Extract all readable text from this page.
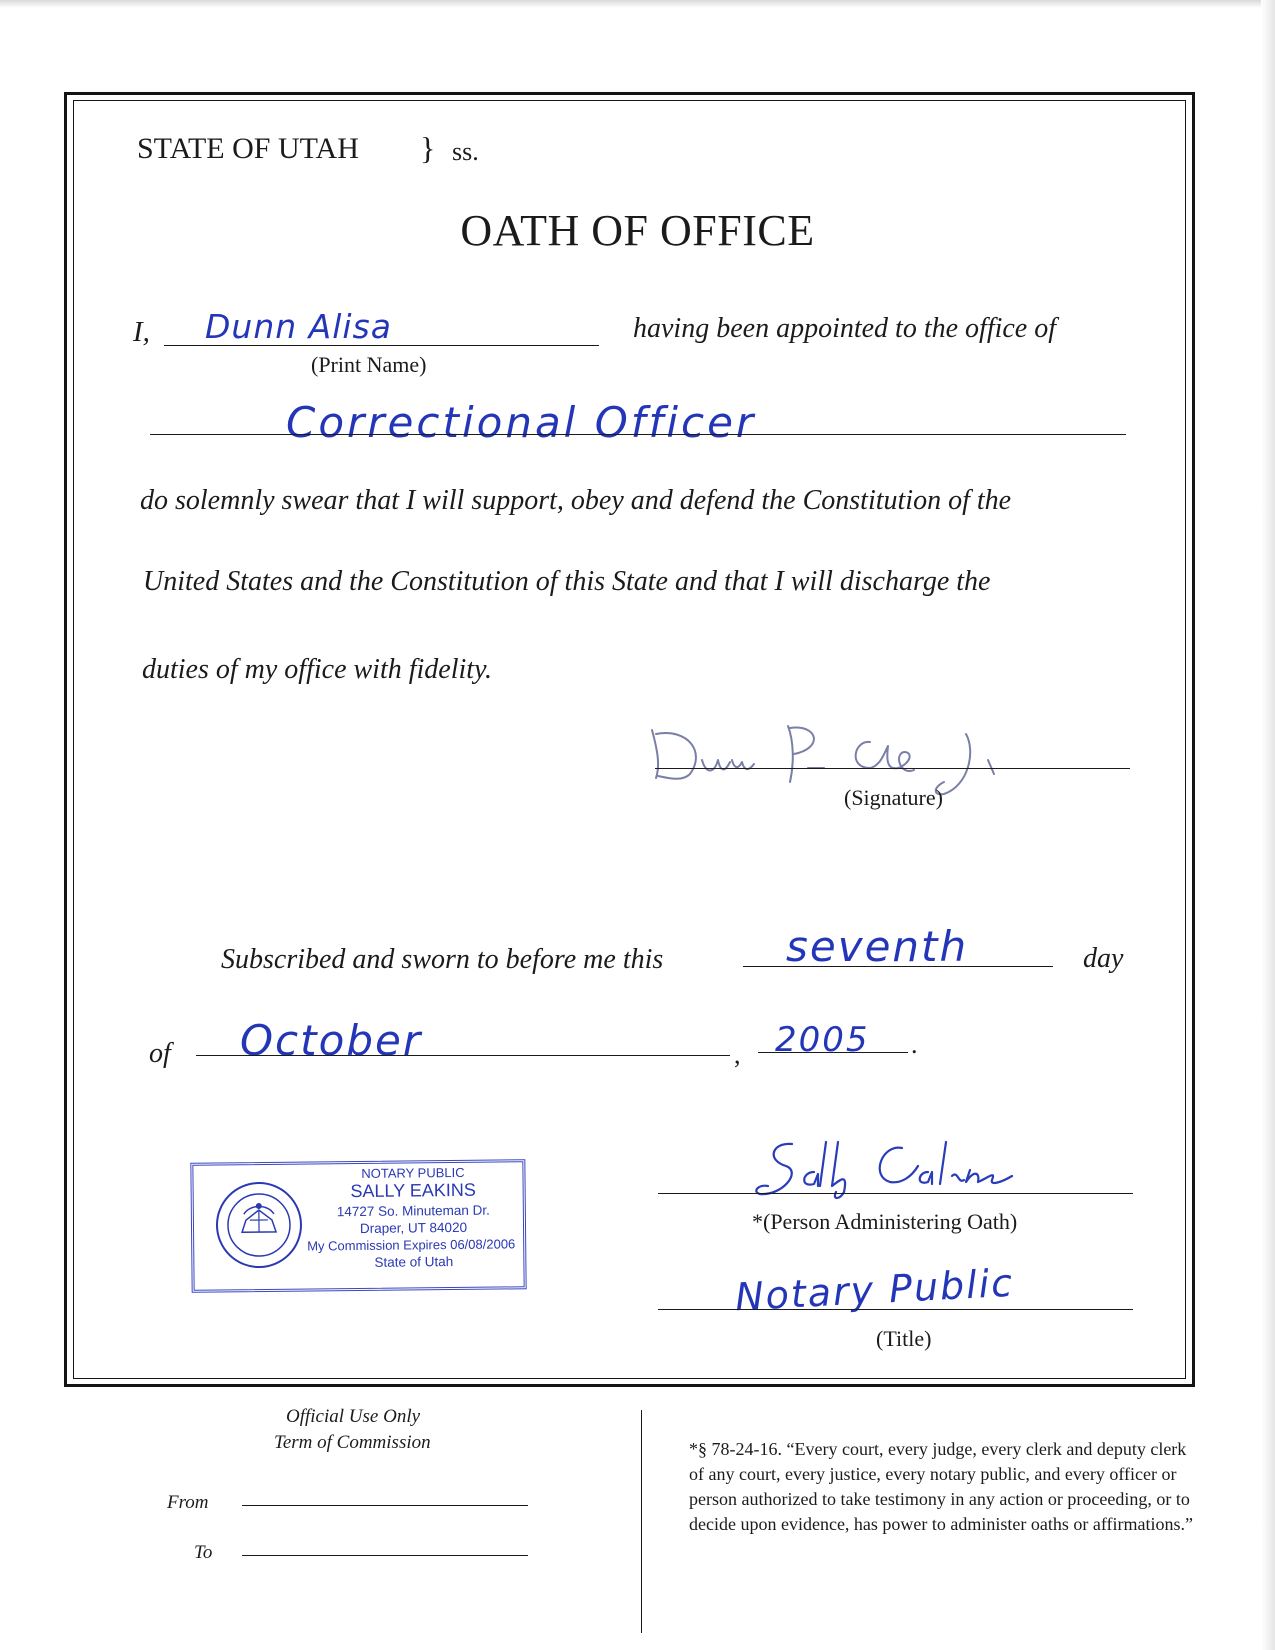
STATE OF UTAH } ss.
OATH OF OFFICE
I, Dunn Alisa
(Print Name)
having been appointed to the office of
Correctional Officer
do solemnly swear that I will support, obey and defend the Constitution of the
United States and the Constitution of this State and that I will discharge the
duties of my office with fidelity.
(Signature)
Subscribed and sworn to before me this	seventh	day
of October	, 2005 .
NOTARY PUBLIC
SALLY EAKINS
14727 So. Minuteman Dr.
Draper, UT 84020
My Commission Expires 06/08/2006
State of Utah
*(Person Administering Oath)
Notary Public
(Title)
Official Use Only
Term of Commission
From
To
*§ 78-24-16. “Every court, every judge, every clerk and deputy clerk of any court, every justice, every notary public, and every officer or person authorized to take testimony in any action or proceeding, or to decide upon evidence, has power to administer oaths or affirmations.”
